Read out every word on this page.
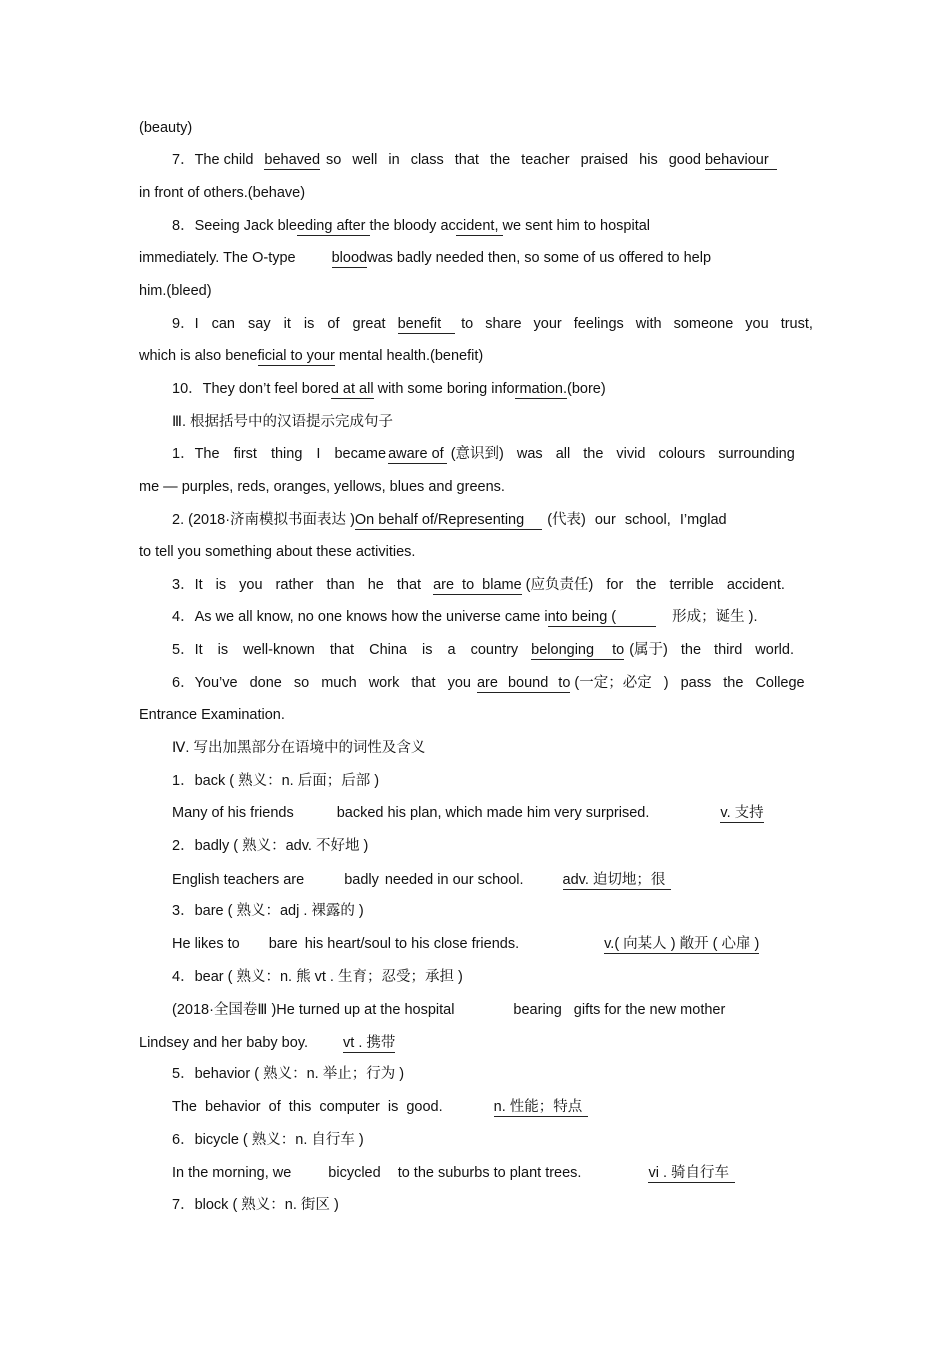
(beauty)
7．The child behaved so well in class that the teacher praised his good behaviour
in front of others.(behave)
8．Seeing Jack bleeding after the bloody accident, we sent him to hospital
immediately. The O-type bloodwas badly needed then, so some of us offered to help
him.(bleed)
9．I can say it is of great benefit to share your feelings with someone you trust,
which is also beneficial to your mental health.(benefit)
10．They don’t feel bored at all with some boring information.(bore)
Ⅲ. 根据括号中的汉语提示完成句子
1．The first thing I became aware of (意识到) was all the vivid colours surrounding
me — purples, reds, oranges, yellows, blues and greens.
2. (2018·济南模拟书面表达 )On behalf of/Representing (代表) our school, I’mglad
to tell you something about these activities.
3．It is you rather than he that are to blame (应负责任) for the terrible accident.
4．As we all know, no one knows how the universe came into being (	形成；诞生 ).
5．It is well-known that China is a country belonging to (属于) the third world.
6．You’ve done so much work that you are bound to (一定；必定 ) pass the College
Entrance Examination.
Ⅳ. 写出加黑部分在语境中的词性及含义
1．back ( 熟义：n. 后面；后部 )
Many of his friends	backed his plan, which made him very surprised.	v. 支持
2．badly ( 熟义：adv. 不好地 )
English teachers are	badly needed in our school.	adv. 迫切地；很
3．bare ( 熟义：adj . 裸露的 )
He likes to bare his heart/soul to his close friends.	v.( 向某人 ) 敞开 ( 心扉 )
4．bear ( 熟义：n. 熊 vt . 生育；忍受；承担 )
(2018·全国卷Ⅲ )He turned up at the hospital	bearing gifts for the new mother
Lindsey and her baby boy. vt . 携带
5．behavior ( 熟义：n. 举止；行为 )
The behavior of this computer is good.	n. 性能；特点
6．bicycle ( 熟义：n. 自行车 )
In the morning, we	bicycled to the suburbs to plant trees.	vi . 骑自行车
7．block ( 熟义：n. 街区 )
